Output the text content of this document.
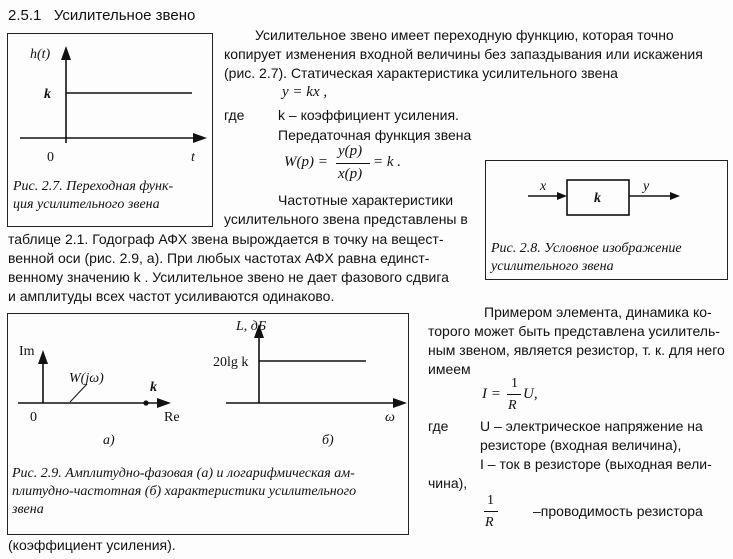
2.5.1 Усилительное звено
h(t)
k
0	t
Рис. 2.7. Переходная функ-
ция усилительного звена
Усилительное звено имеет переходную функцию, которая точно
копирует изменения входной величины без запаздывания или искажения
(рис. 2.7). Статическая характеристика усилительного звена
y = kx ,
где k – коэффициент усиления.
Передаточная функция звена
W(p) =
y(p)
x(p)
= k .
Частотные характеристики
усилительного звена представлены в
таблице 2.1. Годограф АФХ звена вырождается в точку на вещест-
венной оси (рис. 2.9, а). При любых частотах АФХ равна единст-
венному значению k . Усилительное звено не дает фазового сдвига
и амплитуды всех частот усиливаются одинаково.
x
k
y
Рис. 2.8. Условное изображение
усилительного звена
Im
W(jω)
k
0	Re
а)
L, дБ
20lg k
ω
б)
Рис. 2.9. Амплитудно-фазовая (а) и логарифмическая ам-
плитудно-частотная (б) характеристики усилительного
звена
Примером элемента, динамика ко-
торого может быть представлена усилитель-
ным звеном, является резистор, т. к. для него
имеем
I =
1
R
U,
где U – электрическое напряжение на
резисторе (входная величина),
I – ток в резисторе (выходная вели-
чина),
1
R
–проводимость резистора
(коэффициент усиления).
